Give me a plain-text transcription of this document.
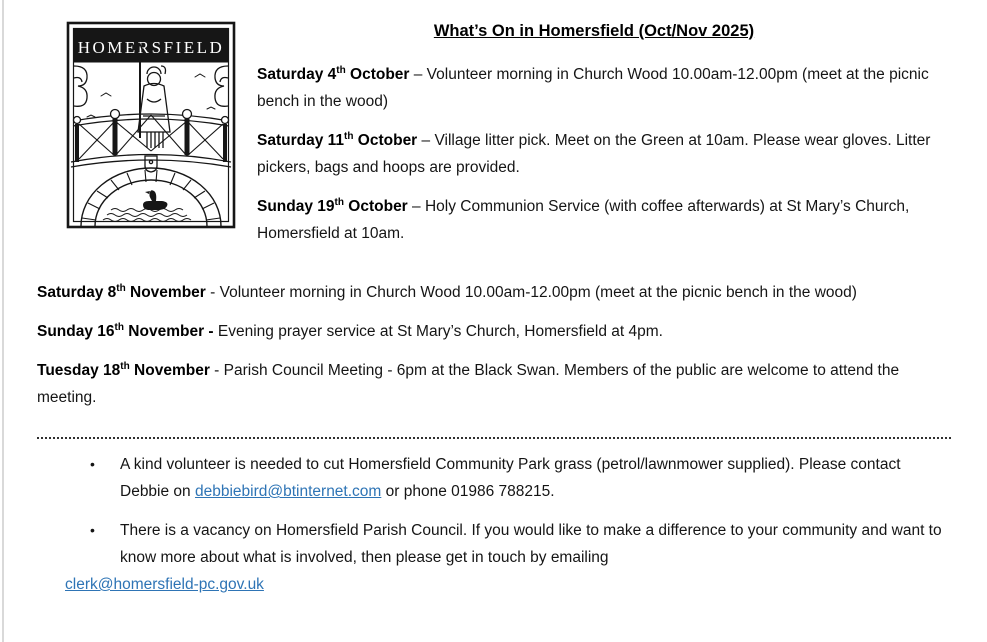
HOMERSFIELD
What’s On in Homersfield (Oct/Nov 2025)

Saturday 4th October – Volunteer morning in Church Wood 10.00am-12.00pm (meet at the picnic bench in the wood)

Saturday 11th October – Village litter pick. Meet on the Green at 10am. Please wear gloves. Litter pickers, bags and hoops are provided.

Sunday 19th October – Holy Communion Service (with coffee afterwards) at St Mary’s Church, Homersfield at 10am.

Saturday 8th November - Volunteer morning in Church Wood 10.00am-12.00pm (meet at the picnic bench in the wood)

Sunday 16th November - Evening prayer service at St Mary’s Church, Homersfield at 4pm.

Tuesday 18th November - Parish Council Meeting - 6pm at the Black Swan. Members of the public are welcome to attend the meeting.

•	A kind volunteer is needed to cut Homersfield Community Park grass (petrol/lawnmower supplied). Please contact Debbie on debbiebird@btinternet.com or phone 01986 788215.
•	There is a vacancy on Homersfield Parish Council. If you would like to make a difference to your community and want to know more about what is involved, then please get in touch by emailing

clerk@homersfield-pc.gov.uk
